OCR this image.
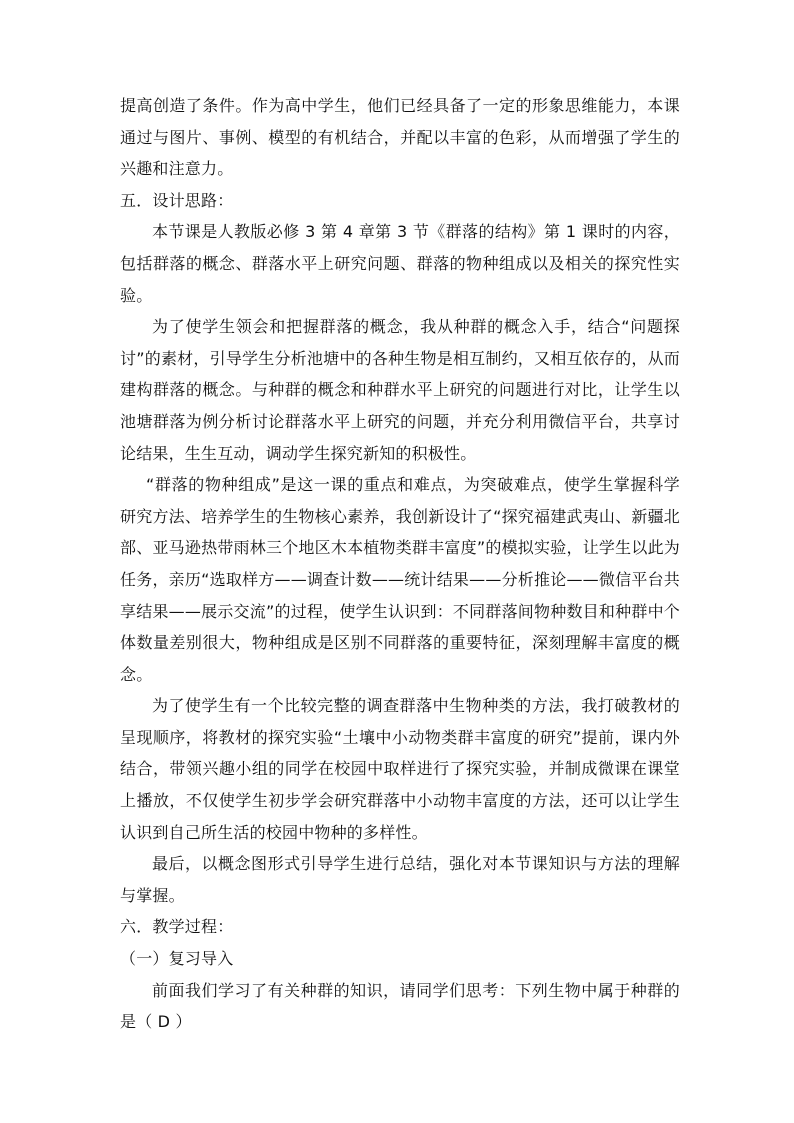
提高创造了条件。作为高中学生，他们已经具备了一定的形象思维能力，本课通过与图片、事例、模型的有机结合，并配以丰富的色彩，从而增强了学生的兴趣和注意力。

五．设计思路：

本节课是人教版必修 3 第 4 章第 3 节《群落的结构》第 1 课时的内容，包括群落的概念、群落水平上研究问题、群落的物种组成以及相关的探究性实验。

为了使学生领会和把握群落的概念，我从种群的概念入手，结合“问题探讨”的素材，引导学生分析池塘中的各种生物是相互制约，又相互依存的，从而建构群落的概念。与种群的概念和种群水平上研究的问题进行对比，让学生以池塘群落为例分析讨论群落水平上研究的问题，并充分利用微信平台，共享讨论结果，生生互动，调动学生探究新知的积极性。

“群落的物种组成”是这一课的重点和难点，为突破难点，使学生掌握科学研究方法、培养学生的生物核心素养，我创新设计了“探究福建武夷山、新疆北部、亚马逊热带雨林三个地区木本植物类群丰富度”的模拟实验，让学生以此为任务，亲历“选取样方——调查计数——统计结果——分析推论——微信平台共享结果——展示交流”的过程，使学生认识到：不同群落间物种数目和种群中个体数量差别很大，物种组成是区别不同群落的重要特征，深刻理解丰富度的概念。

为了使学生有一个比较完整的调查群落中生物种类的方法，我打破教材的呈现顺序，将教材的探究实验“土壤中小动物类群丰富度的研究”提前，课内外结合，带领兴趣小组的同学在校园中取样进行了探究实验，并制成微课在课堂上播放，不仅使学生初步学会研究群落中小动物丰富度的方法，还可以让学生认识到自己所生活的校园中物种的多样性。

最后，以概念图形式引导学生进行总结，强化对本节课知识与方法的理解与掌握。

六．教学过程：

（一）复习导入

前面我们学习了有关种群的知识，请同学们思考：下列生物中属于种群的是（ D ）
